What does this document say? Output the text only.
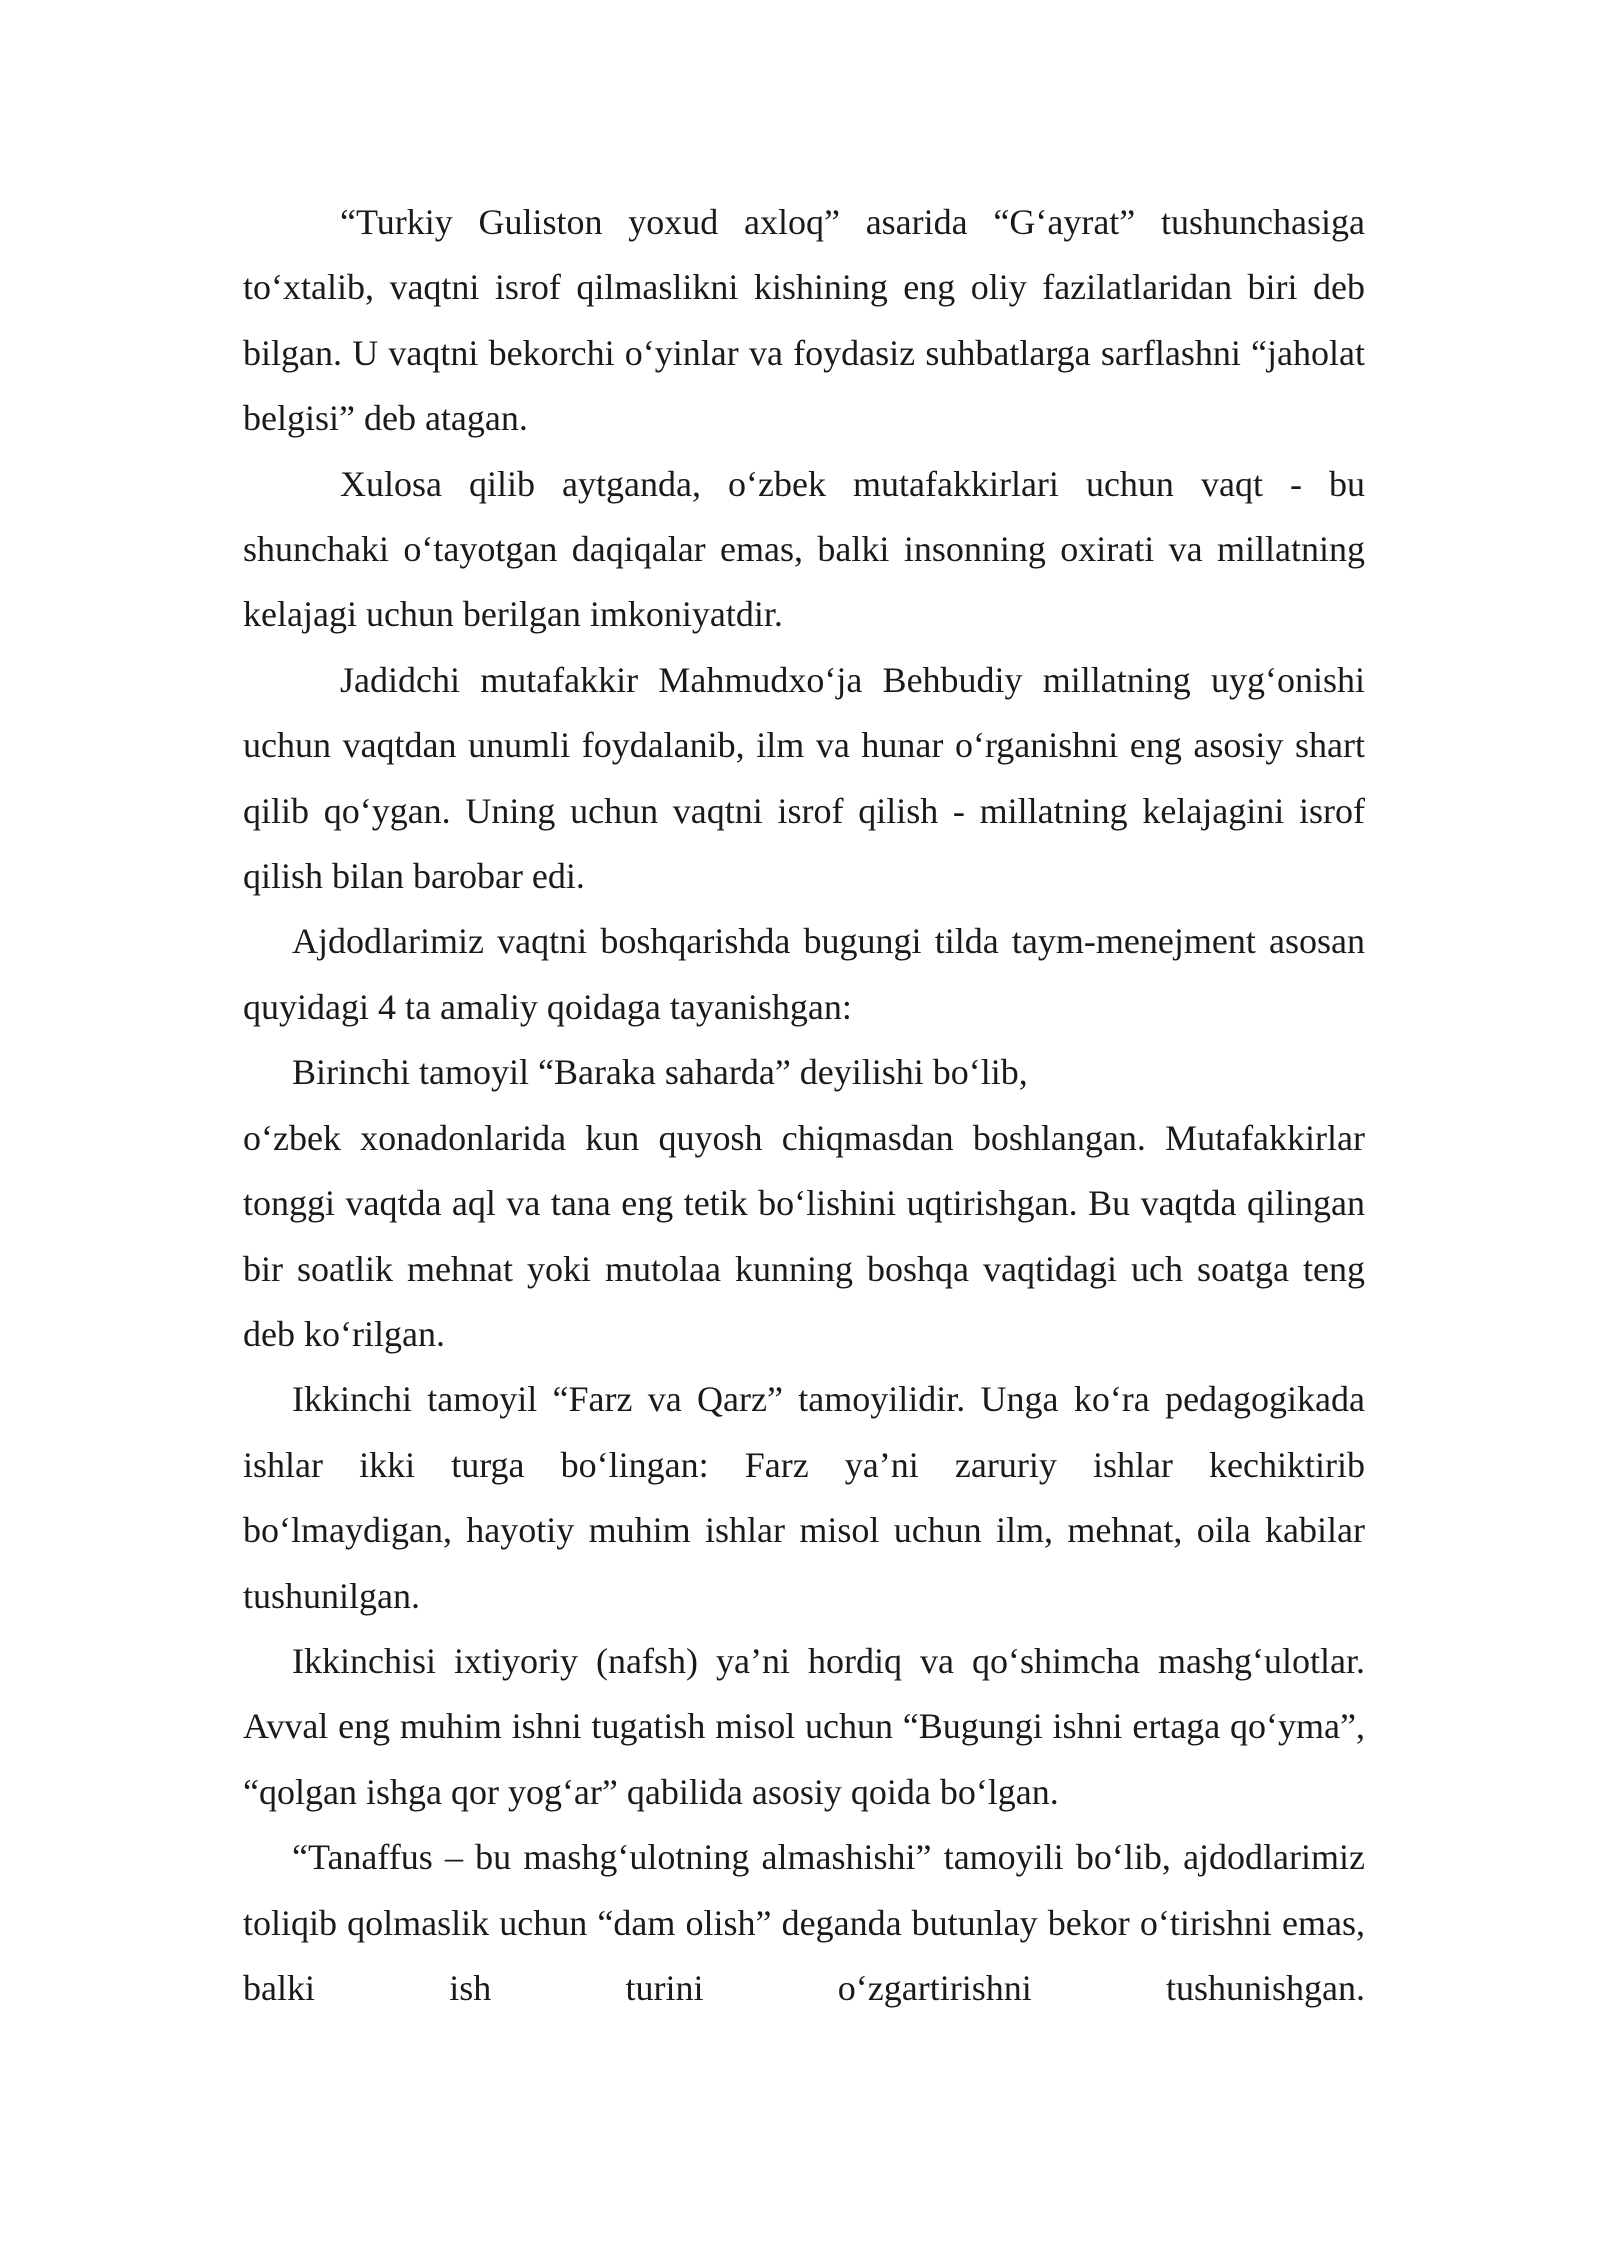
“Turkiy Guliston yoxud axloq” asarida “G‘ayrat” tushunchasiga to‘xtalib, vaqtni isrof qilmaslikni kishining eng oliy fazilatlaridan biri deb bilgan. U vaqtni bekorchi o‘yinlar va foydasiz suhbatlarga sarflashni “jaholat belgisi” deb atagan.

Xulosa qilib aytganda, o‘zbek mutafakkirlari uchun vaqt - bu shunchaki o‘tayotgan daqiqalar emas, balki insonning oxirati va millatning kelajagi uchun berilgan imkoniyatdir.

Jadidchi mutafakkir Mahmudxo‘ja Behbudiy millatning uyg‘onishi uchun vaqtdan unumli foydalanib, ilm va hunar o‘rganishni eng asosiy shart qilib qo‘ygan. Uning uchun vaqtni isrof qilish - millatning kelajagini isrof qilish bilan barobar edi.

Ajdodlarimiz vaqtni boshqarishda bugungi tilda taym-menejment asosan quyidagi 4 ta amaliy qoidaga tayanishgan:

Birinchi tamoyil “Baraka saharda” deyilishi bo‘lib,

o‘zbek xonadonlarida kun quyosh chiqmasdan boshlangan. Mutafakkirlar tonggi vaqtda aql va tana eng tetik bo‘lishini uqtirishgan. Bu vaqtda qilingan bir soatlik mehnat yoki mutolaa kunning boshqa vaqtidagi uch soatga teng deb ko‘rilgan.

Ikkinchi tamoyil “Farz va Qarz” tamoyilidir. Unga ko‘ra pedagogikada ishlar ikki turga bo‘lingan: Farz ya’ni zaruriy ishlar kechiktirib bo‘lmaydigan, hayotiy muhim ishlar misol uchun ilm, mehnat, oila kabilar tushunilgan.

Ikkinchisi ixtiyoriy (nafsh) ya’ni hordiq va qo‘shimcha mashg‘ulotlar. Avval eng muhim ishni tugatish misol uchun “Bugungi ishni ertaga qo‘yma”, “qolgan ishga qor yog‘ar” qabilida asosiy qoida bo‘lgan.

“Tanaffus – bu mashg‘ulotning almashishi” tamoyili bo‘lib, ajdodlarimiz toliqib qolmaslik uchun “dam olish” deganda butunlay bekor o‘tirishni emas, balki ish turini o‘zgartirishni tushunishgan.
